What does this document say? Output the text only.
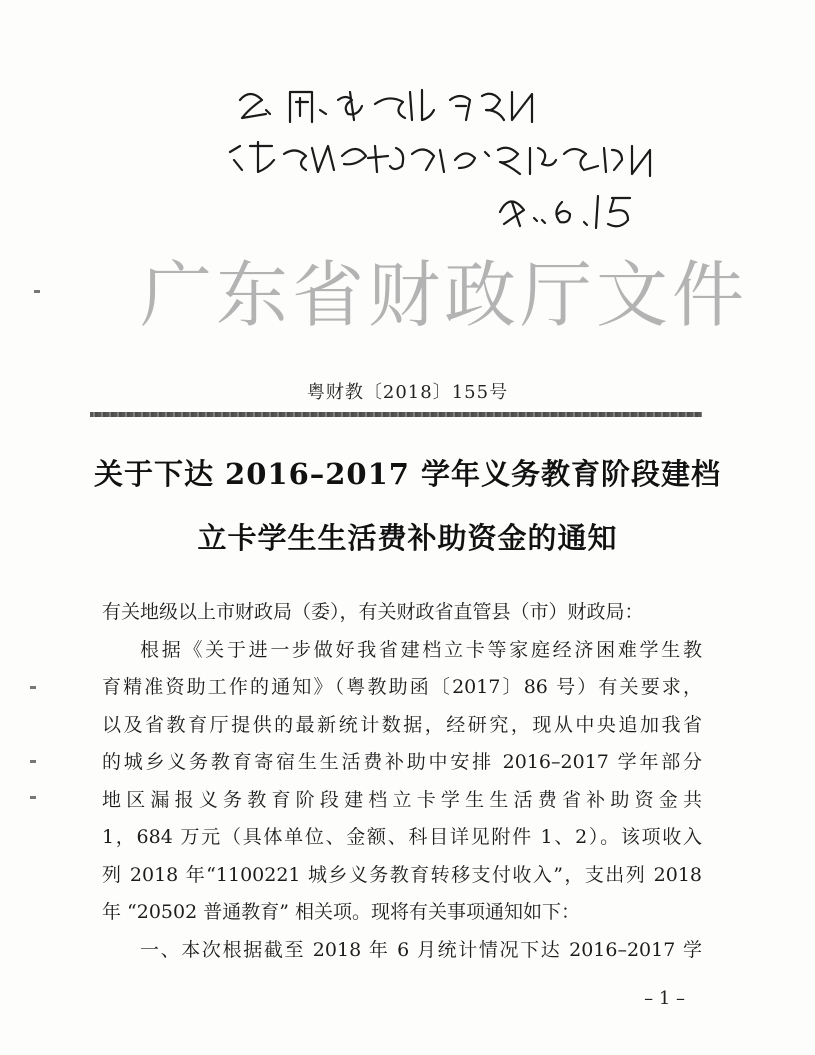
广东省财政厅文件
粤财教〔2018〕155号
关于下达 2016–2017 学年义务教育阶段建档
立卡学生生活费补助资金的通知

有关地级以上市财政局（委），有关财政省直管县（市）财政局：

根据《关于进一步做好我省建档立卡等家庭经济困难学生教
育精准资助工作的通知》（粤教助函〔2017〕86 号）有关要求，
以及省教育厅提供的最新统计数据，经研究，现从中央追加我省
的城乡义务教育寄宿生生活费补助中安排 2016–2017 学年部分
地区漏报义务教育阶段建档立卡学生生活费省补助资金共
1，684 万元（具体单位、金额、科目详见附件 1、2）。该项收入
列 2018 年“1100221 城乡义务教育转移支付收入”，支出列 2018
年 “20502 普通教育” 相关项。现将有关事项通知如下：
一、本次根据截至 2018 年 6 月统计情况下达 2016–2017 学
– 1 –
